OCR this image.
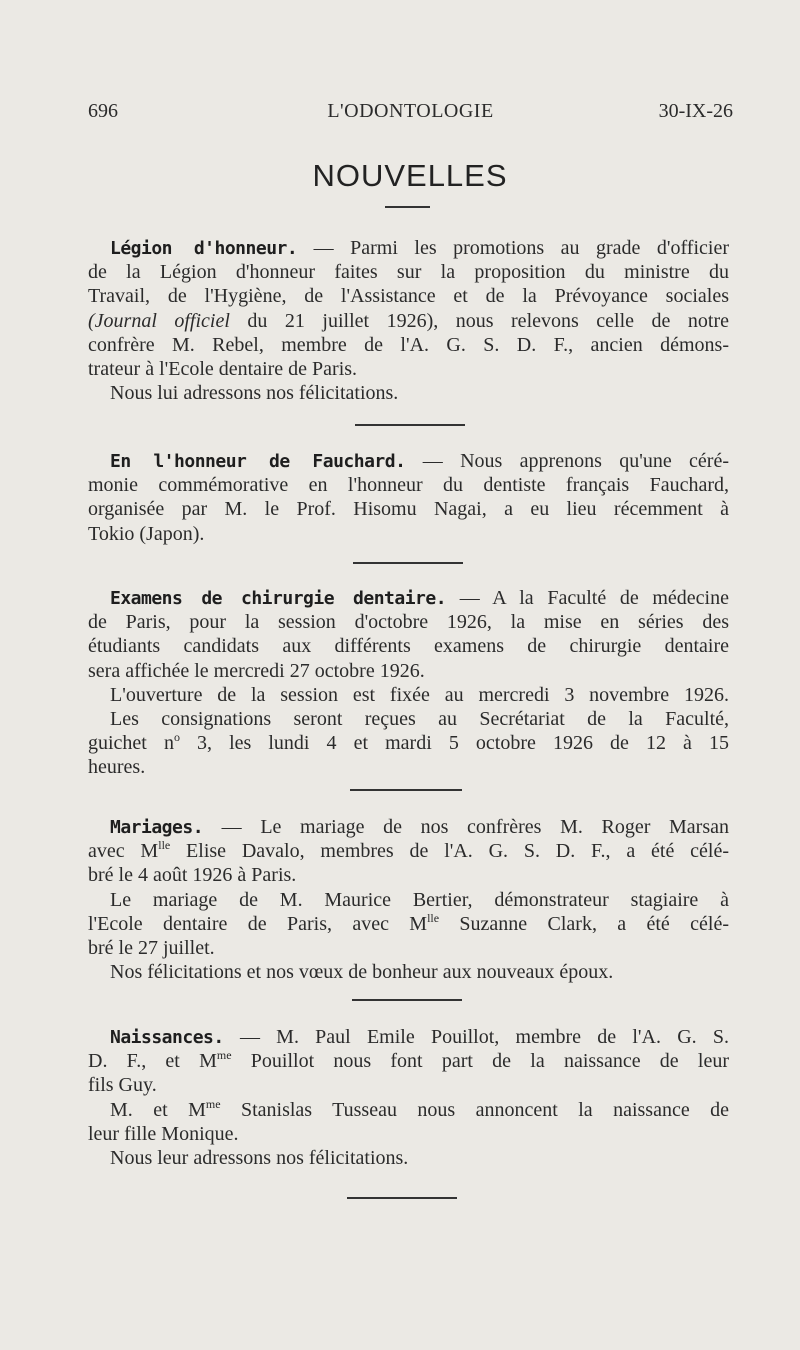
696	L'ODONTOLOGIE	30-IX-26
NOUVELLES
Légion d'honneur. — Parmi les promotions au grade d'officier
de la Légion d'honneur faites sur la proposition du ministre du
Travail, de l'Hygiène, de l'Assistance et de la Prévoyance sociales
(Journal officiel du 21 juillet 1926), nous relevons celle de notre
confrère M. Rebel, membre de l'A. G. S. D. F., ancien démons-
trateur à l'Ecole dentaire de Paris.
Nous lui adressons nos félicitations.
En l'honneur de Fauchard. — Nous apprenons qu'une céré-
monie commémorative en l'honneur du dentiste français Fauchard,
organisée par M. le Prof. Hisomu Nagai, a eu lieu récemment à
Tokio (Japon).
Examens de chirurgie dentaire. — A la Faculté de médecine
de Paris, pour la session d'octobre 1926, la mise en séries des
étudiants candidats aux différents examens de chirurgie dentaire
sera affichée le mercredi 27 octobre 1926.
L'ouverture de la session est fixée au mercredi 3 novembre 1926.
Les consignations seront reçues au Secrétariat de la Faculté,
guichet $n^o$ 3, les lundi 4 et mardi 5 octobre 1926 de 12 à 15
heures.
Mariages. — Le mariage de nos confrères M. Roger Marsan
avec $M^{lle}$ Elise Davalo, membres de l'A. G. S. D. F., a été célé-
bré le 4 août 1926 à Paris.
Le mariage de M. Maurice Bertier, démonstrateur stagiaire à
l'Ecole dentaire de Paris, avec $M^{lle}$ Suzanne Clark, a été célé-
bré le 27 juillet.
Nos félicitations et nos vœux de bonheur aux nouveaux époux.
Naissances. — M. Paul Emile Pouillot, membre de l'A. G. S.
D. F., et $M^{me}$ Pouillot nous font part de la naissance de leur
fils Guy.
M. et $M^{me}$ Stanislas Tusseau nous annoncent la naissance de
leur fille Monique.
Nous leur adressons nos félicitations.
